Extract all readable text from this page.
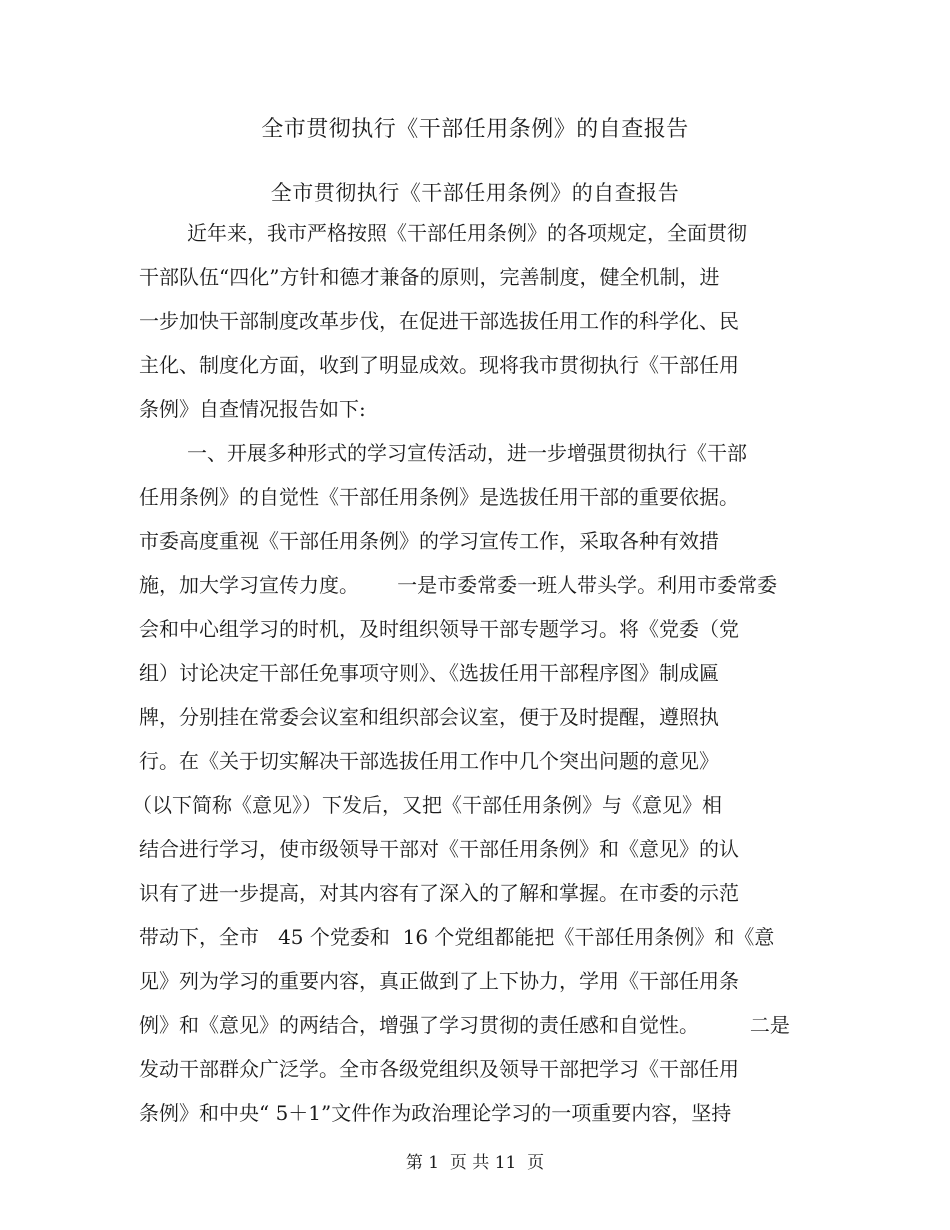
全市贯彻执行《干部任用条例》的自查报告
全市贯彻执行《干部任用条例》的自查报告
近年来，我市严格按照《干部任用条例》的各项规定，全面贯彻
干部队伍“四化”方针和德才兼备的原则，完善制度，健全机制，进
一步加快干部制度改革步伐，在促进干部选拔任用工作的科学化、民
主化、制度化方面，收到了明显成效。现将我市贯彻执行《干部任用
条例》自查情况报告如下:
一、开展多种形式的学习宣传活动，进一步增强贯彻执行《干部
任用条例》的自觉性《干部任用条例》是选拔任用干部的重要依据。
市委高度重视《干部任用条例》的学习宣传工作，采取各种有效措
施，加大学习宣传力度。      一是市委常委一班人带头学。利用市委常委
会和中心组学习的时机，及时组织领导干部专题学习。将《党委（党
组）讨论决定干部任免事项守则》、《选拔任用干部程序图》制成匾
牌，分别挂在常委会议室和组织部会议室，便于及时提醒，遵照执
行。在《关于切实解决干部选拔任用工作中几个突出问题的意见》
（以下简称《意见》）下发后，又把《干部任用条例》与《意见》相
结合进行学习，使市级领导干部对《干部任用条例》和《意见》的认
识有了进一步提高，对其内容有了深入的了解和掌握。在市委的示范
带动下，全市   45 个党委和  16 个党组都能把《干部任用条例》和《意
见》列为学习的重要内容，真正做到了上下协力，学用《干部任用条
例》和《意见》的两结合，增强了学习贯彻的责任感和自觉性。        二是
发动干部群众广泛学。全市各级党组织及领导干部把学习《干部任用
条例》和中央“ 5＋1”文件作为政治理论学习的一项重要内容，坚持
第 1  页 共 11  页
